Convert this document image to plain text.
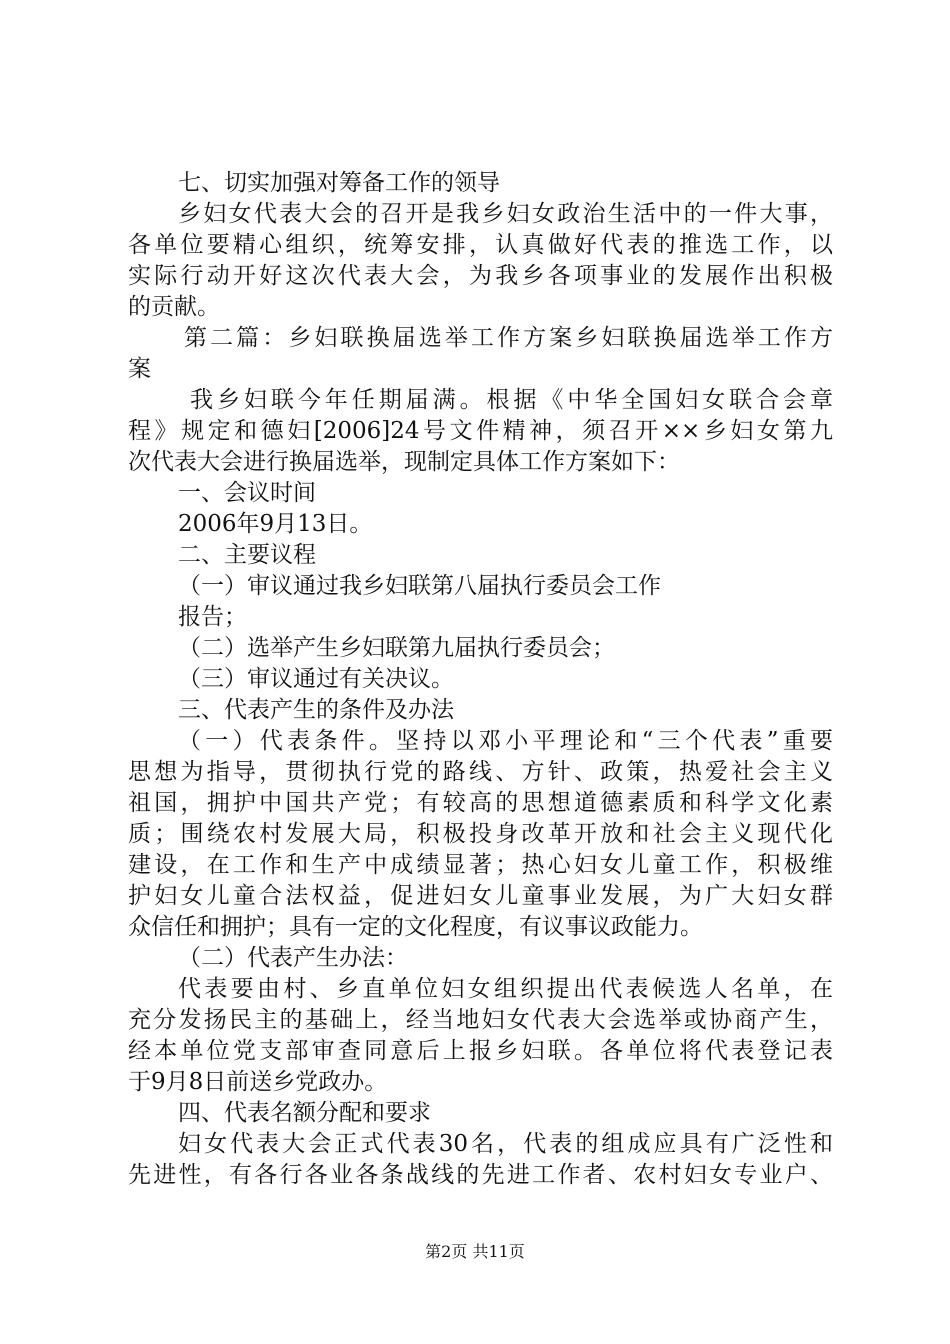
七、切实加强对筹备工作的领导
乡妇女代表大会的召开是我乡妇女政治生活中的一件大事，
各单位要精心组织，统筹安排，认真做好代表的推选工作，以
实际行动开好这次代表大会，为我乡各项事业的发展作出积极
的贡献。
第二篇：乡妇联换届选举工作方案乡妇联换届选举工作方
案
我乡妇联今年任期届满。根据《中华全国妇女联合会章
程》规定和德妇[2006]24号文件精神，须召开××乡妇女第九
次代表大会进行换届选举，现制定具体工作方案如下：
一、会议时间
2006年9月13日。
二、主要议程
（一）审议通过我乡妇联第八届执行委员会工作
报告；
（二）选举产生乡妇联第九届执行委员会；
（三）审议通过有关决议。
三、代表产生的条件及办法
（一）代表条件。坚持以邓小平理论和“三个代表”重要
思想为指导，贯彻执行党的路线、方针、政策，热爱社会主义
祖国，拥护中国共产党；有较高的思想道德素质和科学文化素
质；围绕农村发展大局，积极投身改革开放和社会主义现代化
建设，在工作和生产中成绩显著；热心妇女儿童工作，积极维
护妇女儿童合法权益，促进妇女儿童事业发展，为广大妇女群
众信任和拥护；具有一定的文化程度，有议事议政能力。
（二）代表产生办法：
代表要由村、乡直单位妇女组织提出代表候选人名单，在
充分发扬民主的基础上，经当地妇女代表大会选举或协商产生，
经本单位党支部审查同意后上报乡妇联。各单位将代表登记表
于9月8日前送乡党政办。
四、代表名额分配和要求
妇女代表大会正式代表30名，代表的组成应具有广泛性和
先进性，有各行各业各条战线的先进工作者、农村妇女专业户、
第2页 共11页
